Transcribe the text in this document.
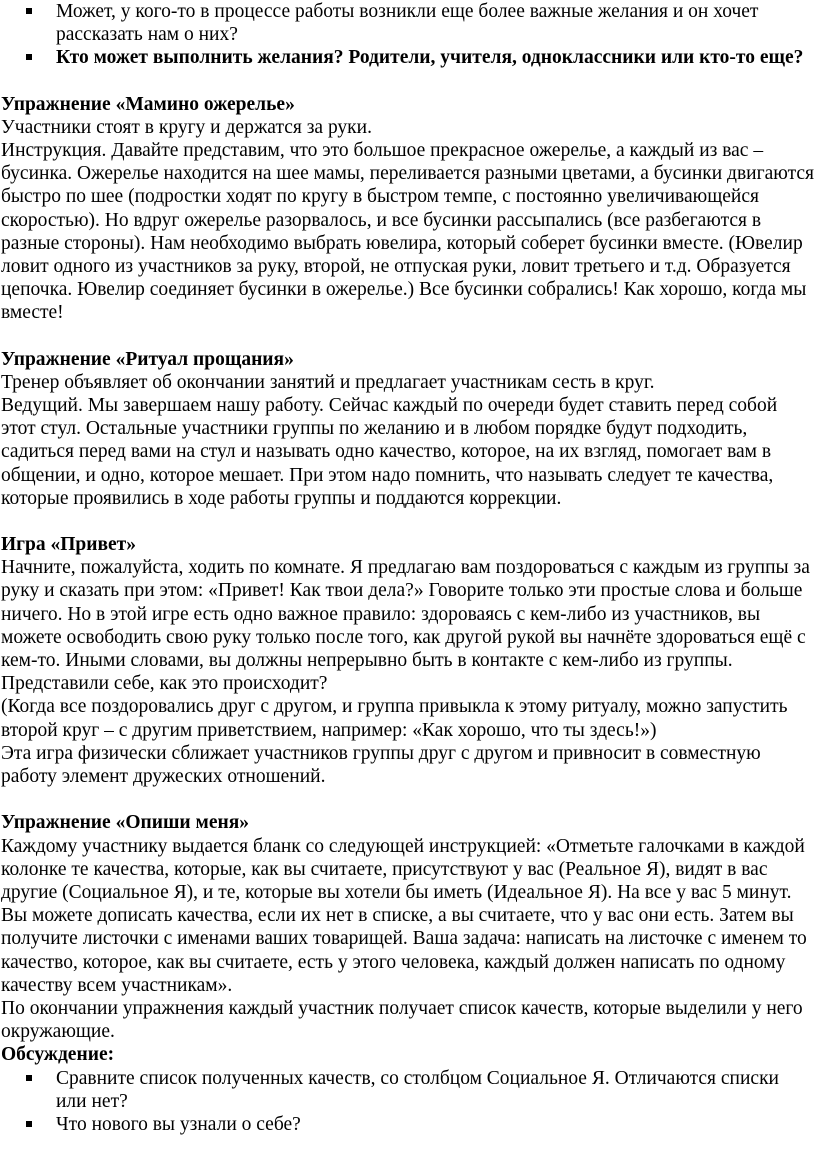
Может, у кого-то в процессе работы возникли еще более важные желания и он хочет рассказать нам о них?
Кто может выполнить желания? Родители, учителя, одноклассники или кто-то еще?

Упражнение «Мамино ожерелье»

Участники стоят в кругу и держатся за руки.

Инструкция. Давайте представим, что это большое прекрасное ожерелье, а каждый из вас – бусинка. Ожерелье находится на шее мамы, переливается разными цветами, а бусинки двигаются быстро по шее (подростки ходят по кругу в быстром темпе, с постоянно увеличивающейся скоростью). Но вдруг ожерелье разорвалось, и все бусинки рассыпались (все разбегаются в разные стороны). Нам необходимо выбрать ювелира, который соберет бусинки вместе. (Ювелир ловит одного из участников за руку, второй, не отпуская руки, ловит третьего и т.д. Образуется цепочка. Ювелир соединяет бусинки в ожерелье.) Все бусинки собрались! Как хорошо, когда мы вместе!

Упражнение «Ритуал прощания»

Тренер объявляет об окончании занятий и предлагает участникам сесть в круг.

Ведущий. Мы завершаем нашу работу. Сейчас каждый по очереди будет ставить перед собой этот стул. Остальные участники группы по желанию и в любом порядке будут подходить, садиться перед вами на стул и называть одно качество, которое, на их взгляд, помогает вам в общении, и одно, которое мешает. При этом надо помнить, что называть следует те качества, которые проявились в ходе работы группы и поддаются коррекции.

Игра «Привет»

Начните, пожалуйста, ходить по комнате. Я предлагаю вам поздороваться с каждым из группы за руку и сказать при этом: «Привет! Как твои дела?» Говорите только эти простые слова и больше ничего. Но в этой игре есть одно важное правило: здороваясь с кем-либо из участников, вы можете освободить свою руку только после того, как другой рукой вы начнёте здороваться ещё с кем-то. Иными словами, вы должны непрерывно быть в контакте с кем-либо из группы. Представили себе, как это происходит?

(Когда все поздоровались друг с другом, и группа привыкла к этому ритуалу, можно запустить второй круг – с другим приветствием, например: «Как хорошо, что ты здесь!»)

Эта игра физически сближает участников группы друг с другом и привносит в совместную работу элемент дружеских отношений.

Упражнение «Опиши меня»

Каждому участнику выдается бланк со следующей инструкцией: «Отметьте галочками в каждой колонке те качества, которые, как вы считаете, присутствуют у вас (Реальное Я), видят в вас другие (Социальное Я), и те, которые вы хотели бы иметь (Идеальное Я). На все у вас 5 минут. Вы можете дописать качества, если их нет в списке, а вы считаете, что у вас они есть. Затем вы получите листочки с именами ваших товарищей. Ваша задача: написать на листочке с именем то качество, которое, как вы считаете, есть у этого человека, каждый должен написать по одному качеству всем участникам».

По окончании упражнения каждый участник получает список качеств, которые выделили у него окружающие.

Обсуждение:

Сравните список полученных качеств, со столбцом Социальное Я. Отличаются списки или нет?
Что нового вы узнали о себе?
